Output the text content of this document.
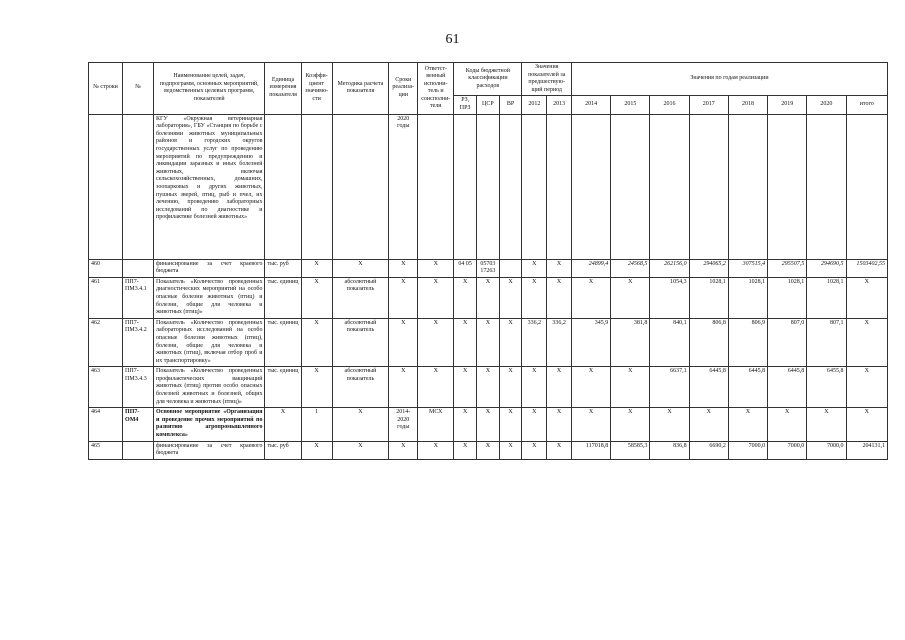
61
№ строки	№	Наименование целей, задач, подпрограмм, основных мероприятий, ведомственных целевых программ, показателей	Единица измерения показателя	Коэффи-циент значимо-сти	Методика расчета показателя	Сроки реализа-ции	Ответст-венный исполни-тель и соисполни-тели	Коды бюджетной классификации расходов			Значения показателей за предшествую-щий период		Значения по годам реализации							
								РЗ, ПРЗ	ЦСР	ВР	2012	2013	2014	2015	2016	2017	2018	2019	2020	итого
		КГУ «Окружная ветеринарная лаборатория», ГБУ «Станция по борьбе с болезнями животных муниципальных районов и городских округов государственных услуг по проведению мероприятий по предупреждению и ликвидации заразных и иных болезней животных, включая сельскохозяйственных, домашних, зоопарковых и других животных, пушных зверей, птиц, рыб и пчел, их лечению, проведению лабораторных исследований по диагностике и профилактике болезней животных»				2020 годы														
460		финансирование за счет краевого бюджета	тыс. руб	X	X	X	X	04 05	05703 17263		X	X	24899,4	24568,5	262156,0	294065,2	307515,4	295507,5	294690,5	1503402,55
461	ПП7-ПМ3.4.1	Показатель «Количество проведенных диагностических мероприятий на особо опасные болезни животных (птиц) и болезни, общие для человека и животных (птиц)»	тыс. единиц	X	абсолютный показатель	X	X	X	X	X	X	X	X	X	1054,3	1028,1	1028,1	1028,1	1028,1	X
462	ПП7-ПМ3.4.2	Показатель «Количество проведенных лабораторных исследований на особо опасные болезни животных (птиц), болезни, общие для человека и животных (птиц), включая отбор проб и их транспортировку»	тыс. единиц	X	абсолютный показатель	X	X	X	X	X	336,2	336,2	345,9	381,8	840,1	806,8	806,9	807,0	807,1	X
463	ПП7-ПМ3.4.3	Показатель «Количество проведенных профилактических вакцинаций животных (птиц) против особо опасных болезней животных и болезней, общих для человека и животных (птиц)»	тыс. единиц	X	абсолютный показатель	X	X	X	X	X	X	X	X	X	6637,1	6445,8	6445,8	6445,8	6455,8	X
464	ПП7-ОМ4	Основное мероприятие «Организация и проведение прочих мероприятий по развитию агропромышленного комплекса»	X	1	X	2014-2020 годы	МСХ	X	X	X	X	X	X	X	X	X	X	X	X	X
465		финансирование за счет краевого бюджета	тыс. руб	X	X	X	X	X	X	X	X	X	117018,8	58585,3	836,8	6690,2	7000,0	7000,0	7000,0	204131,1
